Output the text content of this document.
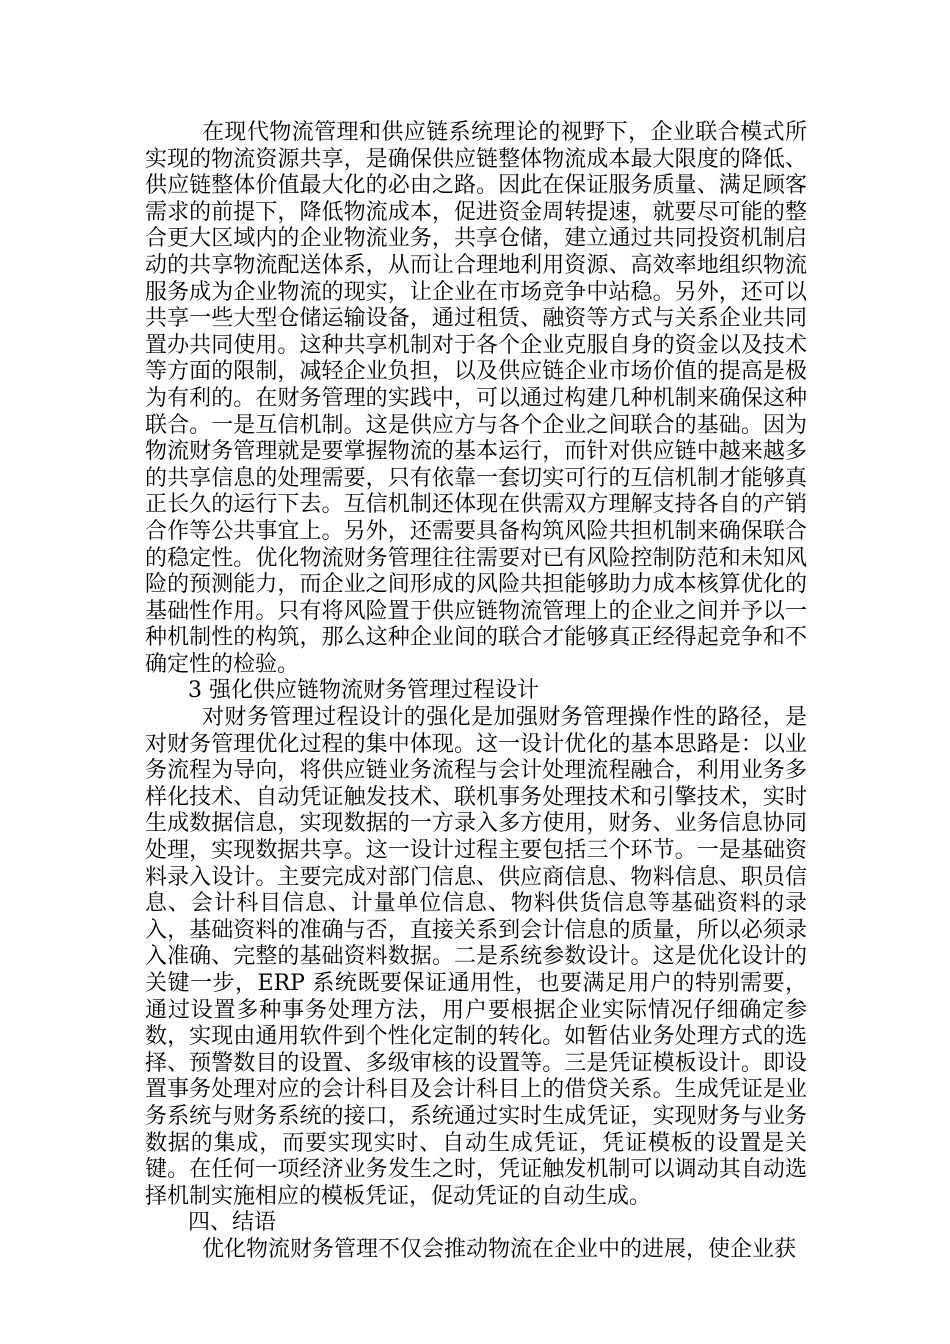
在现代物流管理和供应链系统理论的视野下，企业联合模式所实现的物流资源共享，是确保供应链整体物流成本最大限度的降低、供应链整体价值最大化的必由之路。因此在保证服务质量、满足顾客需求的前提下，降低物流成本，促进资金周转提速，就要尽可能的整合更大区域内的企业物流业务，共享仓储，建立通过共同投资机制启动的共享物流配送体系，从而让合理地利用资源、高效率地组织物流服务成为企业物流的现实，让企业在市场竞争中站稳。另外，还可以共享一些大型仓储运输设备，通过租赁、融资等方式与关系企业共同置办共同使用。这种共享机制对于各个企业克服自身的资金以及技术等方面的限制，减轻企业负担，以及供应链企业市场价值的提高是极为有利的。在财务管理的实践中，可以通过构建几种机制来确保这种联合。一是互信机制。这是供应方与各个企业之间联合的基础。因为物流财务管理就是要掌握物流的基本运行，而针对供应链中越来越多的共享信息的处理需要，只有依靠一套切实可行的互信机制才能够真正长久的运行下去。互信机制还体现在供需双方理解支持各自的产销合作等公共事宜上。另外，还需要具备构筑风险共担机制来确保联合的稳定性。优化物流财务管理往往需要对已有风险控制防范和未知风险的预测能力，而企业之间形成的风险共担能够助力成本核算优化的基础性作用。只有将风险置于供应链物流管理上的企业之间并予以一种机制性的构筑，那么这种企业间的联合才能够真正经得起竞争和不确定性的检验。

3 强化供应链物流财务管理过程设计

对财务管理过程设计的强化是加强财务管理操作性的路径，是对财务管理优化过程的集中体现。这一设计优化的基本思路是：以业务流程为导向，将供应链业务流程与会计处理流程融合，利用业务多样化技术、自动凭证触发技术、联机事务处理技术和引擎技术，实时生成数据信息，实现数据的一方录入多方使用，财务、业务信息协同处理，实现数据共享。这一设计过程主要包括三个环节。一是基础资料录入设计。主要完成对部门信息、供应商信息、物料信息、职员信息、会计科目信息、计量单位信息、物料供货信息等基础资料的录入，基础资料的准确与否，直接关系到会计信息的质量，所以必须录入准确、完整的基础资料数据。二是系统参数设计。这是优化设计的关键一步，ERP 系统既要保证通用性，也要满足用户的特别需要，通过设置多种事务处理方法，用户要根据企业实际情况仔细确定参数，实现由通用软件到个性化定制的转化。如暂估业务处理方式的选择、预警数目的设置、多级审核的设置等。三是凭证模板设计。即设置事务处理对应的会计科目及会计科目上的借贷关系。生成凭证是业务系统与财务系统的接口，系统通过实时生成凭证，实现财务与业务数据的集成，而要实现实时、自动生成凭证，凭证模板的设置是关键。在任何一项经济业务发生之时，凭证触发机制可以调动其自动选择机制实施相应的模板凭证，促动凭证的自动生成。

四、结语

优化物流财务管理不仅会推动物流在企业中的进展，使企业获
